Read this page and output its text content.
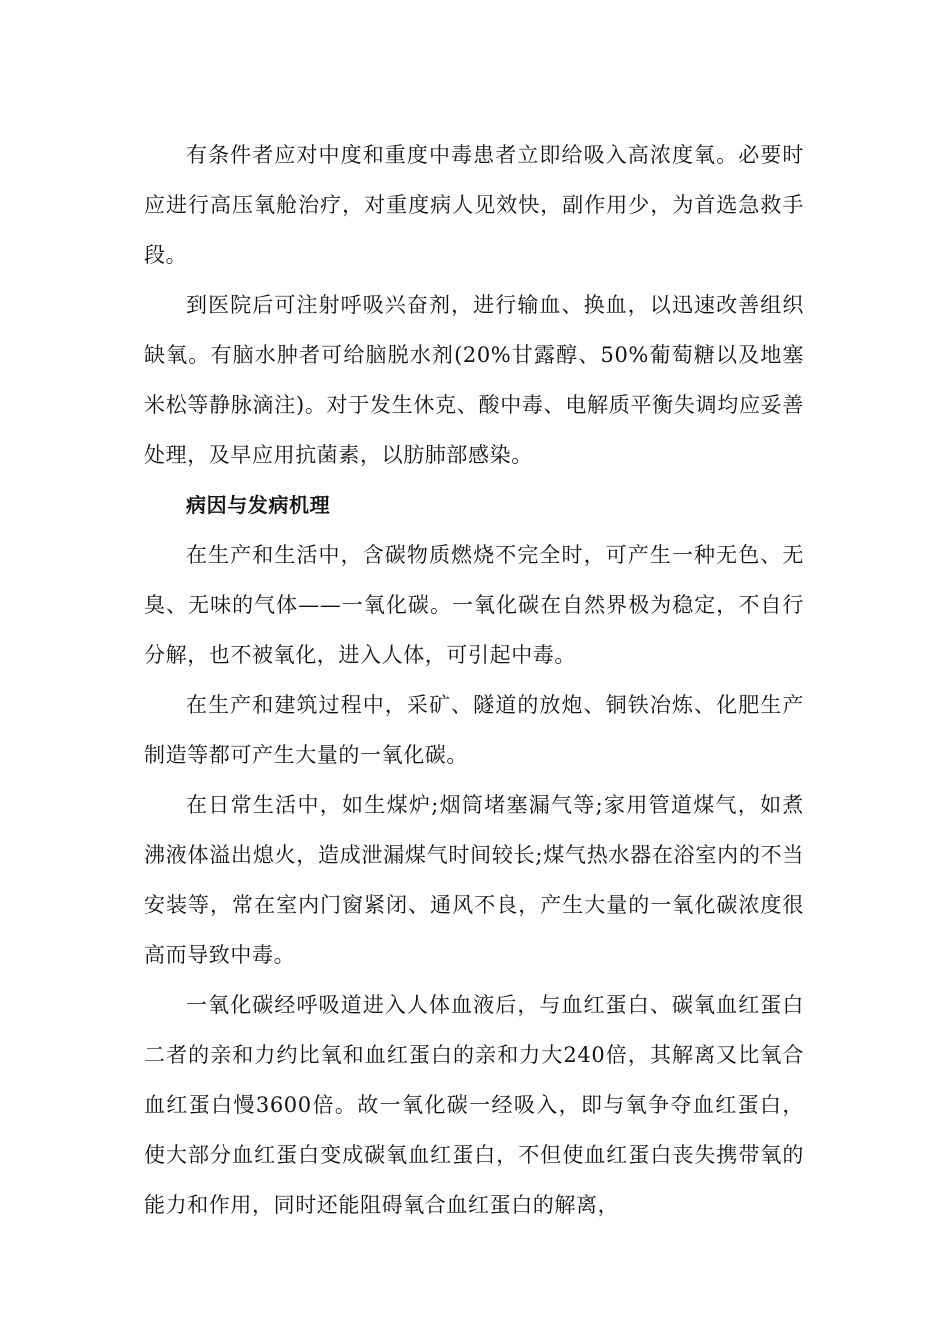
有条件者应对中度和重度中毒患者立即给吸入高浓度氧。必要时应进行高压氧舱治疗，对重度病人见效快，副作用少，为首选急救手段。

到医院后可注射呼吸兴奋剂，进行输血、换血，以迅速改善组织缺氧。有脑水肿者可给脑脱水剂(20%甘露醇、50%葡萄糖以及地塞米松等静脉滴注)。对于发生休克、酸中毒、电解质平衡失调均应妥善处理，及早应用抗菌素，以肪肺部感染。

病因与发病机理

在生产和生活中，含碳物质燃烧不完全时，可产生一种无色、无臭、无味的气体——一氧化碳。一氧化碳在自然界极为稳定，不自行分解，也不被氧化，进入人体，可引起中毒。

在生产和建筑过程中，采矿、隧道的放炮、铜铁冶炼、化肥生产制造等都可产生大量的一氧化碳。

在日常生活中，如生煤炉;烟筒堵塞漏气等;家用管道煤气，如煮沸液体溢出熄火，造成泄漏煤气时间较长;煤气热水器在浴室内的不当安装等，常在室内门窗紧闭、通风不良，产生大量的一氧化碳浓度很高而导致中毒。

一氧化碳经呼吸道进入人体血液后，与血红蛋白、碳氧血红蛋白二者的亲和力约比氧和血红蛋白的亲和力大240倍，其解离又比氧合血红蛋白慢3600倍。故一氧化碳一经吸入，即与氧争夺血红蛋白，使大部分血红蛋白变成碳氧血红蛋白，不但使血红蛋白丧失携带氧的能力和作用，同时还能阻碍氧合血红蛋白的解离，
